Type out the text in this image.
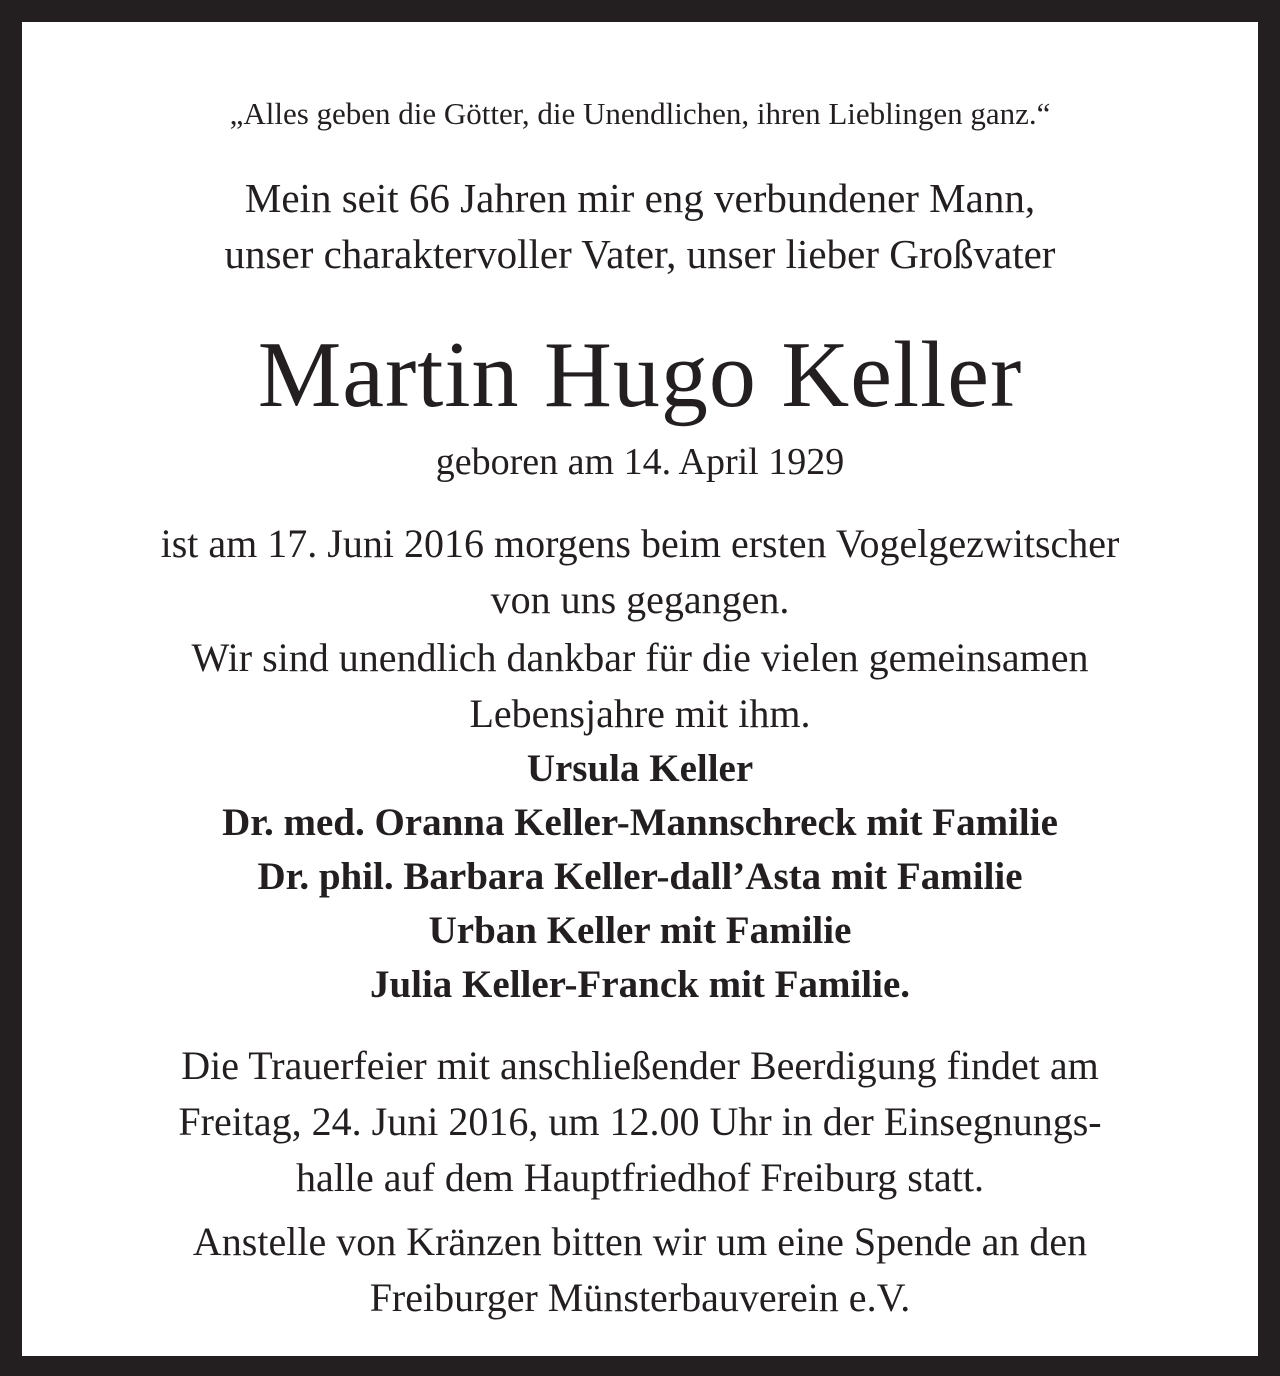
„Alles geben die Götter, die Unendlichen, ihren Lieblingen ganz.“

Mein seit 66 Jahren mir eng verbundener Mann,
unser charaktervoller Vater, unser lieber Großvater

Martin Hugo Keller

geboren am 14. April 1929

ist am 17. Juni 2016 morgens beim ersten Vogelgezwitscher
von uns gegangen.

Wir sind unendlich dankbar für die vielen gemeinsamen
Lebensjahre mit ihm.

Ursula Keller
Dr. med. Oranna Keller-Mannschreck mit Familie
Dr. phil. Barbara Keller-dall’Asta mit Familie
Urban Keller mit Familie
Julia Keller-Franck mit Familie.

Die Trauerfeier mit anschließender Beerdigung findet am
Freitag, 24. Juni 2016, um 12.00 Uhr in der Einsegnungs-
halle auf dem Hauptfriedhof Freiburg statt.

Anstelle von Kränzen bitten wir um eine Spende an den
Freiburger Münsterbauverein e.V.
